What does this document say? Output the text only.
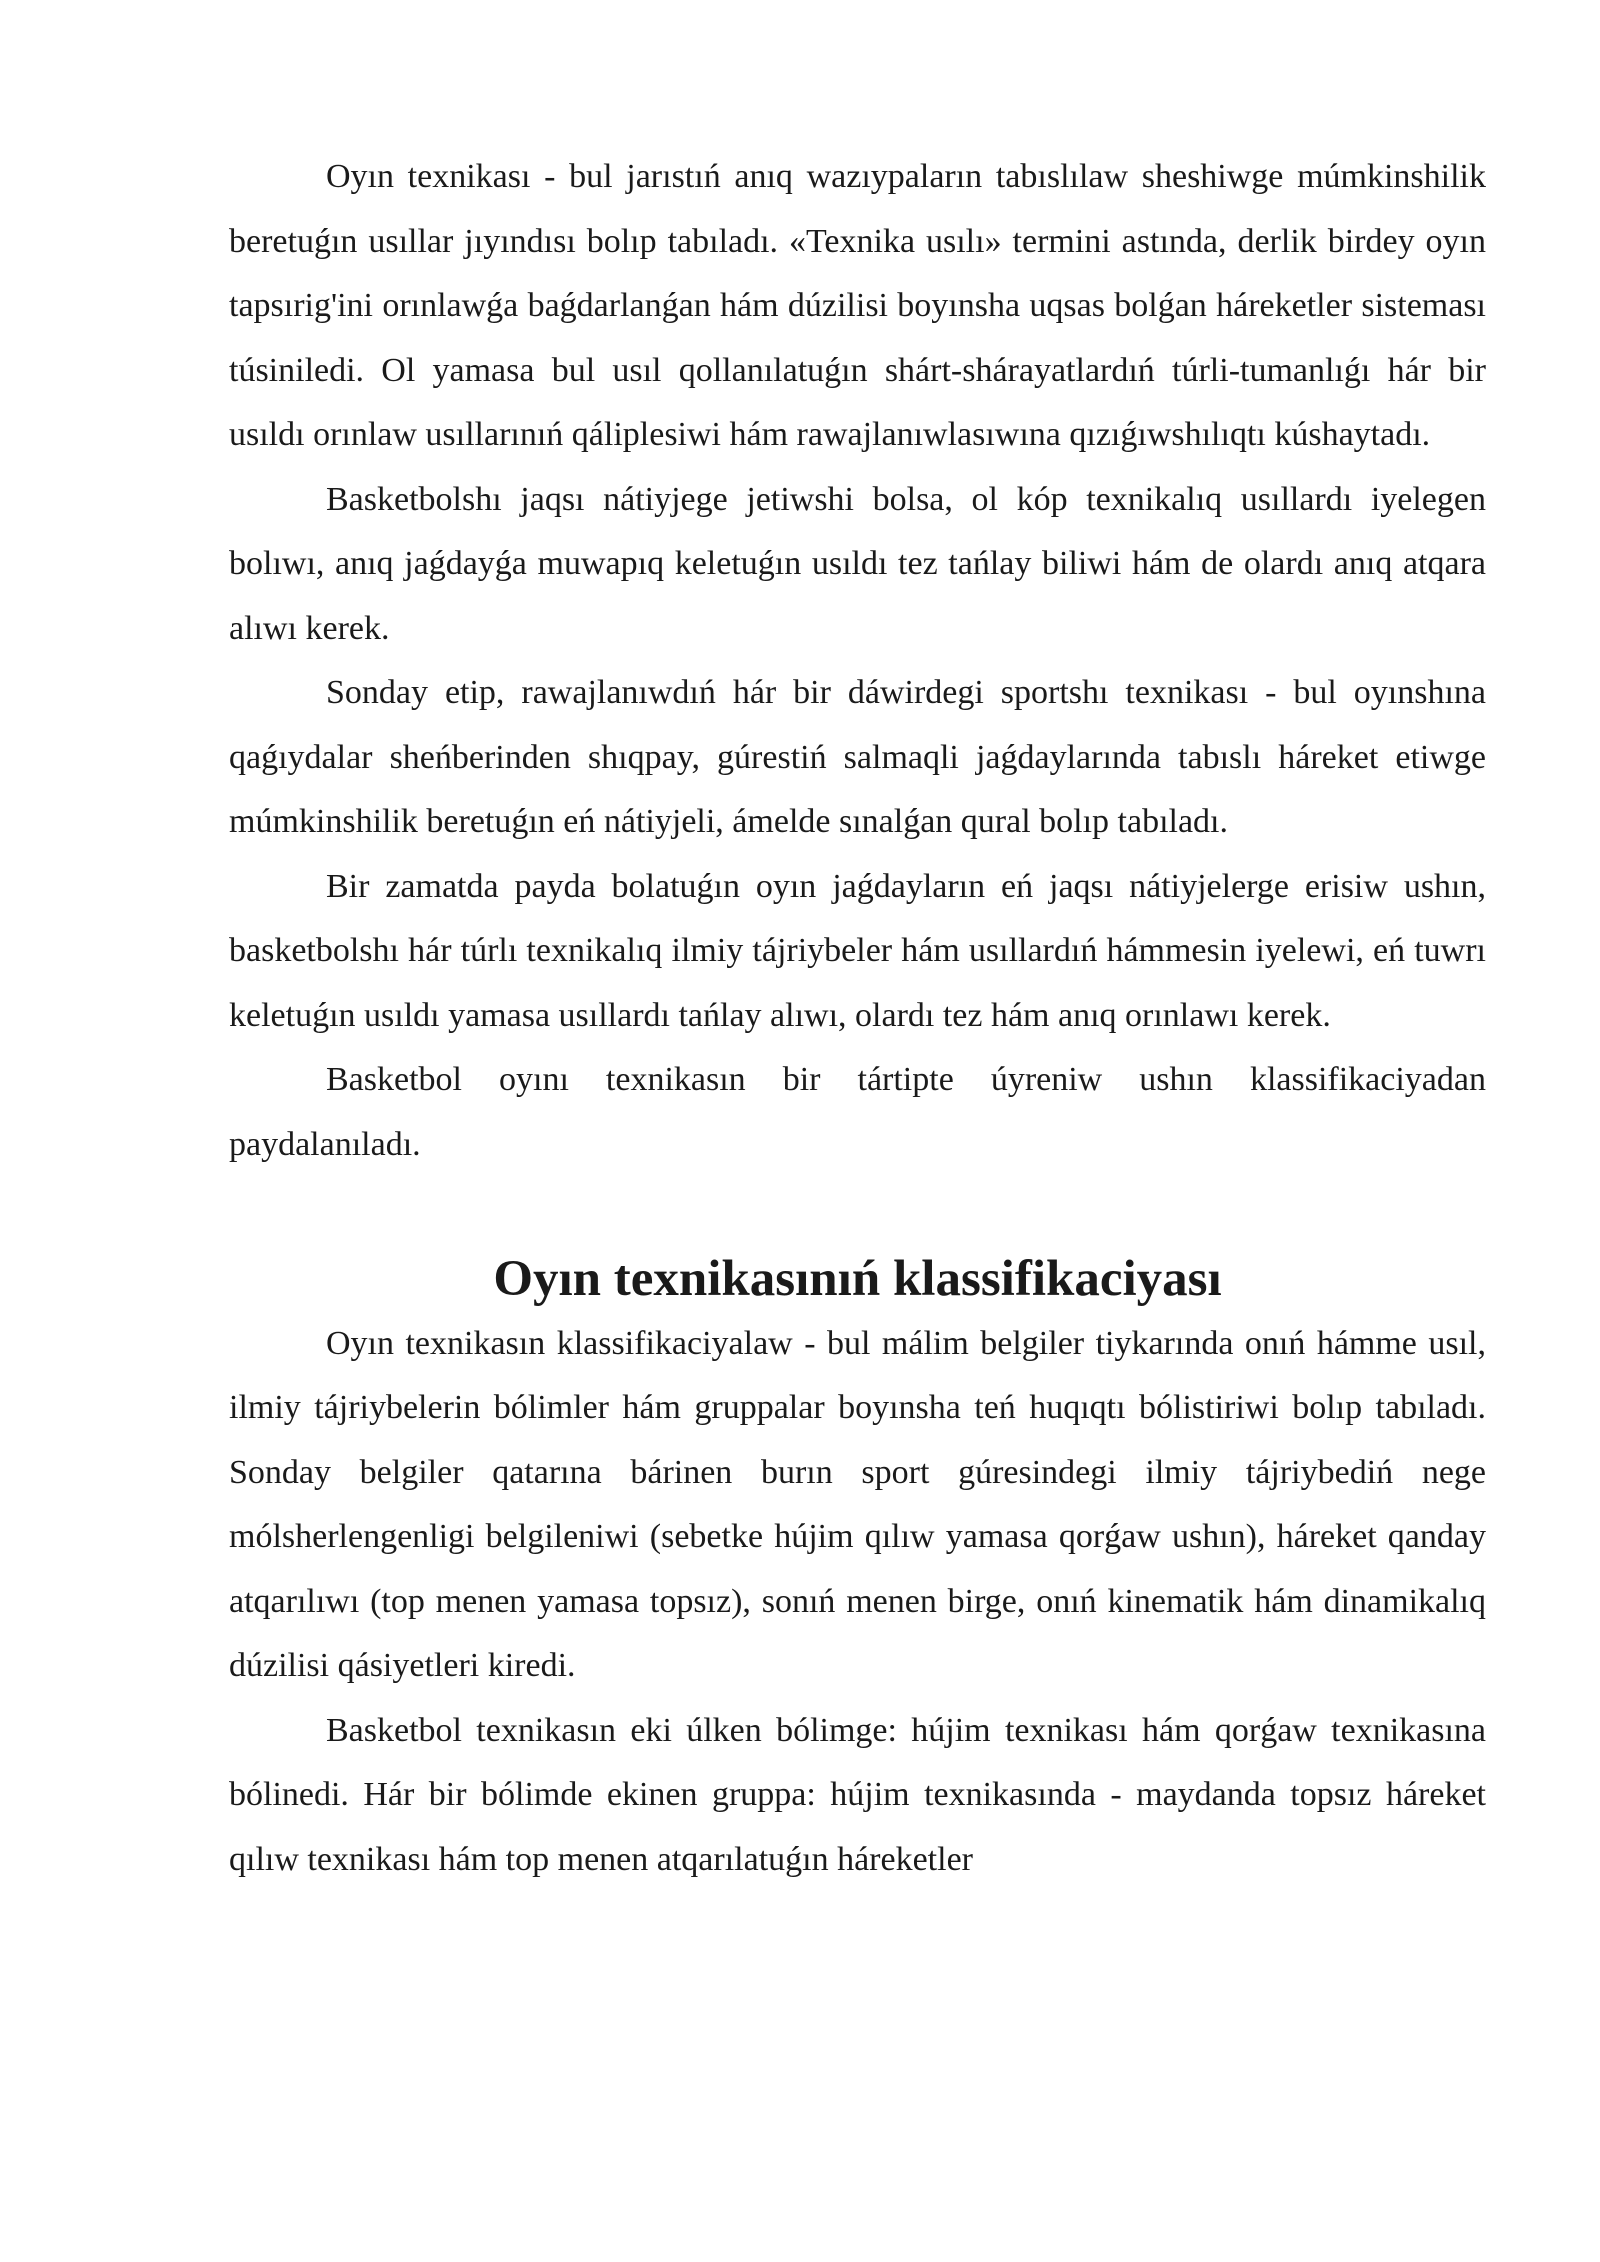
Oyın texnikası - bul jarıstıń anıq wazıypaların tabıslılaw sheshiwge múmkinshilik beretuǵın usıllar jıyındısı bolıp tabıladı. «Texnika usılı» termini astında, derlik birdey oyın tapsırig'ini orınlawǵa baǵdarlanǵan hám dúzilisi boyınsha uqsas bolǵan háreketler sisteması túsiniledi. Ol yamasa bul usıl qollanılatuǵın shárt-shárayatlardıń túrli-tumanlıǵı hár bir usıldı orınlaw usıllarınıń qáliplesiwi hám rawajlanıwlasıwına qızıǵıwshılıqtı kúshaytadı.

Basketbolshı jaqsı nátiyjege jetiwshi bolsa, ol kóp texnikalıq usıllardı iyelegen bolıwı, anıq jaǵdayǵa muwapıq keletuǵın usıldı tez tańlay biliwi hám de olardı anıq atqara alıwı kerek.

Sonday etip, rawajlanıwdıń hár bir dáwirdegi sportshı texnikası - bul oyınshına qaǵıydalar sheńberinden shıqpay, gúrestiń salmaqli jaǵdaylarında tabıslı háreket etiwge múmkinshilik beretuǵın eń nátiyjeli, ámelde sınalǵan qural bolıp tabıladı.

Bir zamatda payda bolatuǵın oyın jaǵdayların eń jaqsı nátiyjelerge erisiw ushın, basketbolshı hár túrlı texnikalıq ilmiy tájriybeler hám usıllardıń hámmesin iyelewi, eń tuwrı keletuǵın usıldı yamasa usıllardı tańlay alıwı, olardı tez hám anıq orınlawı kerek.

Basketbol oyını texnikasın bir tártipte úyreniw ushın klassifikaciyadan paydalanıladı.

Oyın texnikasınıń klassifikaciyası

Oyın texnikasın klassifikaciyalaw - bul málim belgiler tiykarında onıń hámme usıl, ilmiy tájriybelerin bólimler hám gruppalar boyınsha teń huqıqtı bólistiriwi bolıp tabıladı. Sonday belgiler qatarına bárinen burın sport gúresindegi ilmiy tájriybediń nege mólsherlengenligi belgileniwi (sebetke hújim qılıw yamasa qorǵaw ushın), háreket qanday atqarılıwı (top menen yamasa topsız), sonıń menen birge, onıń kinematik hám dinamikalıq dúzilisi qásiyetleri kiredi.

Basketbol texnikasın eki úlken bólimge: hújim texnikası hám qorǵaw texnikasına bólinedi. Hár bir bólimde ekinen gruppa: hújim texnikasında - maydanda topsız háreket qılıw texnikası hám top menen atqarılatuǵın háreketler
